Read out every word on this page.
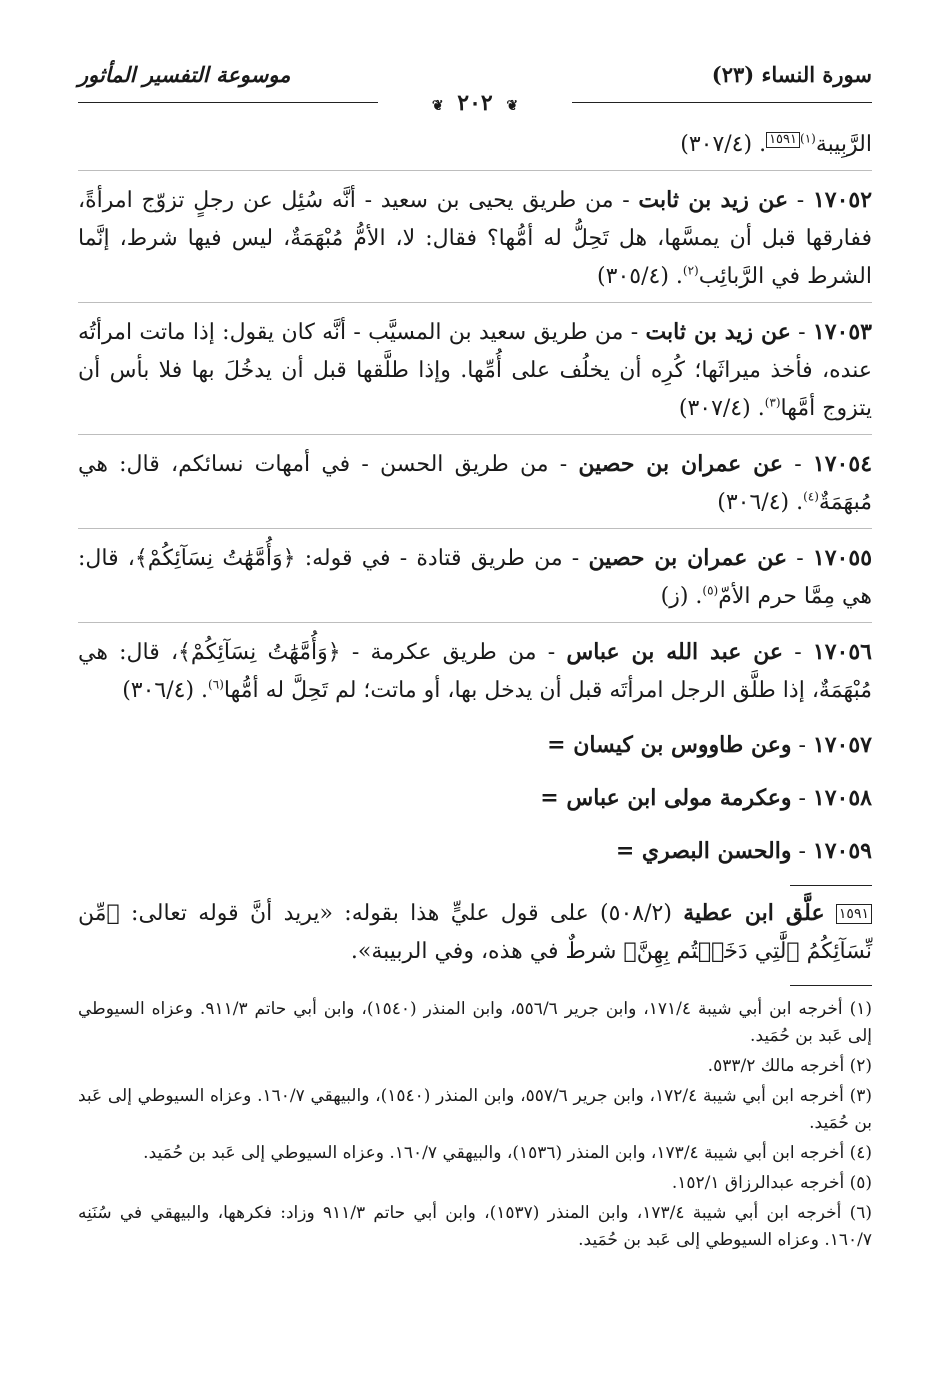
سورة النساء (٢٣)
موسوعة التفسير المأثور
❦ ٢٠٢ ❦
الرَّبِيبة$^{(١)}$١٥٩١. (٣٠٧/٤)
١٧٠٥٢ - عن زيد بن ثابت - من طريق يحيى بن سعيد - أنَّه سُئِل عن رجلٍ تزوّج امرأةً، ففارقها قبل أن يمسَّها، هل تَحِلُّ له أمُّها؟ فقال: لا، الأمُّ مُبْهَمَةٌ، ليس فيها شرط، إنَّما الشرط في الرَّبائِب$^{(٢)}$. (٣٠٥/٤)
١٧٠٥٣ - عن زيد بن ثابت - من طريق سعيد بن المسيَّب - أنَّه كان يقول: إذا ماتت امرأتُه عنده، فأخذ ميراثَها؛ كُرِه أن يخلُف على أُمِّها. وإذا طلَّقها قبل أن يدخُلَ بها فلا بأس أن يتزوج أمَّها$^{(٣)}$. (٣٠٧/٤)
١٧٠٥٤ - عن عمران بن حصين - من طريق الحسن - في أمهات نسائكم، قال: هي مُبهَمَةٌ$^{(٤)}$. (٣٠٦/٤)
١٧٠٥٥ - عن عمران بن حصين - من طريق قتادة - في قوله: ﴿وَأُمَّهَٰتُ نِسَآئِكُمْ﴾، قال: هي مِمَّا حرم الأمّ$^{(٥)}$. (ز)
١٧٠٥٦ - عن عبد الله بن عباس - من طريق عكرمة - ﴿وَأُمَّهَٰتُ نِسَآئِكُمْ﴾، قال: هي مُبْهَمَةٌ، إذا طلَّق الرجل امرأتَه قبل أن يدخل بها، أو ماتت؛ لم تَحِلَّ له أمُّها$^{(٦)}$. (٣٠٦/٤)
١٧٠٥٧ - وعن طاووس بن كيسان =
١٧٠٥٨ - وعكرمة مولى ابن عباس =
١٧٠٥٩ - والحسن البصري =
١٥٩١ علَّق ابن عطية (٥٠٨/٢) على قول عليٍّ هذا بقوله: «يريد أنَّ قوله تعالى: ﴿مِّن نِّسَآئِكُمُ ٱلَّٰتِي دَخَلۡتُم بِهِنَّ﴾ شرطٌ في هذه، وفي الربيبة».
(١) أخرجه ابن أبي شيبة ١٧١/٤، وابن جرير ٥٥٦/٦، وابن المنذر (١٥٤٠)، وابن أبي حاتم ٩١١/٣. وعزاه السيوطي إلى عَبد بن حُمَيد.
(٢) أخرجه مالك ٥٣٣/٢.
(٣) أخرجه ابن أبي شيبة ١٧٢/٤، وابن جرير ٥٥٧/٦، وابن المنذر (١٥٤٠)، والبيهقي ١٦٠/٧. وعزاه السيوطي إلى عَبد بن حُمَيد.
(٤) أخرجه ابن أبي شيبة ١٧٣/٤، وابن المنذر (١٥٣٦)، والبيهقي ١٦٠/٧. وعزاه السيوطي إلى عَبد بن حُمَيد.
(٥) أخرجه عبدالرزاق ١٥٢/١.
(٦) أخرجه ابن أبي شيبة ١٧٣/٤، وابن المنذر (١٥٣٧)، وابن أبي حاتم ٩١١/٣ وزاد: فكرهها، والبيهقي في سُنَنِه ١٦٠/٧. وعزاه السيوطي إلى عَبد بن حُمَيد.
